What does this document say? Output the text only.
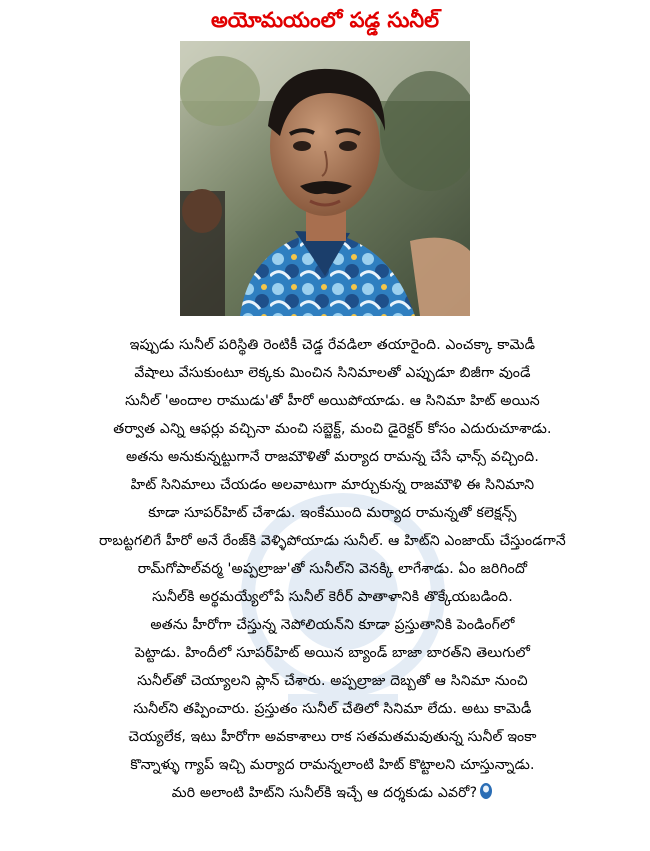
అయోమయంలో పడ్డ సునీల్
ఇప్పుడు సునీల్ పరిస్థితి రెంటికీ చెడ్డ రేవడిలా తయారైంది. ఎంచక్కా కామెడీ
వేషాలు వేసుకుంటూ లెక్కకు మించిన సినిమాలతో ఎప్పుడూ బిజీగా వుండే
సునీల్ 'అందాల రాముడు'తో హీరో అయిపోయాడు. ఆ సినిమా హిట్ అయిన
తర్వాత ఎన్ని ఆఫర్లు వచ్చినా మంచి సబ్జెక్ట్, మంచి డైరెక్టర్ కోసం ఎదురుచూశాడు.
అతను అనుకున్నట్టుగానే రాజమౌళితో మర్యాద రామన్న చేసే ఛాన్స్ వచ్చింది.
హిట్ సినిమాలు చేయడం అలవాటుగా మార్చుకున్న రాజమౌళి ఈ సినిమాని
కూడా సూపర్‌హిట్ చేశాడు. ఇంకేముంది మర్యాద రామన్నతో కలెక్షన్స్
రాబట్టగలిగే హీరో అనే రేంజ్‌కి వెళ్ళిపోయాడు సునీల్. ఆ హిట్‌ని ఎంజాయ్ చేస్తుండగానే
రామ్‌గోపాల్‌వర్మ 'అప్పల్రాజు'తో సునీల్‌ని వెనక్కి లాగేశాడు. ఏం జరిగిందో
సునీల్‌కి అర్థమయ్యేలోపే సునీల్ కెరీర్ పాతాళానికి తొక్కేయబడింది.
అతను హీరోగా చేస్తున్న నెపోలియన్‌ని కూడా ప్రస్తుతానికి పెండింగ్‌లో
పెట్టాడు. హిందీలో సూపర్‌హిట్ అయిన బ్యాండ్ బాజా బారత్‌ని తెలుగులో
సునీల్‌తో చెయ్యాలని ప్లాన్ చేశారు. అప్పల్రాజు దెబ్బతో ఆ సినిమా నుంచి
సునీల్‌ని తప్పించారు. ప్రస్తుతం సునీల్ చేతిలో సినిమా లేదు. అటు కామెడీ
చెయ్యలేక, ఇటు హీరోగా అవకాశాలు రాక సతమతమవుతున్న సునీల్ ఇంకా
కొన్నాళ్ళు గ్యాప్ ఇచ్చి మర్యాద రామన్నలాంటి హిట్ కొట్టాలని చూస్తున్నాడు.
మరి అలాంటి హిట్‌ని సునీల్‌కి ఇచ్చే ఆ దర్శకుడు ఎవరో?
